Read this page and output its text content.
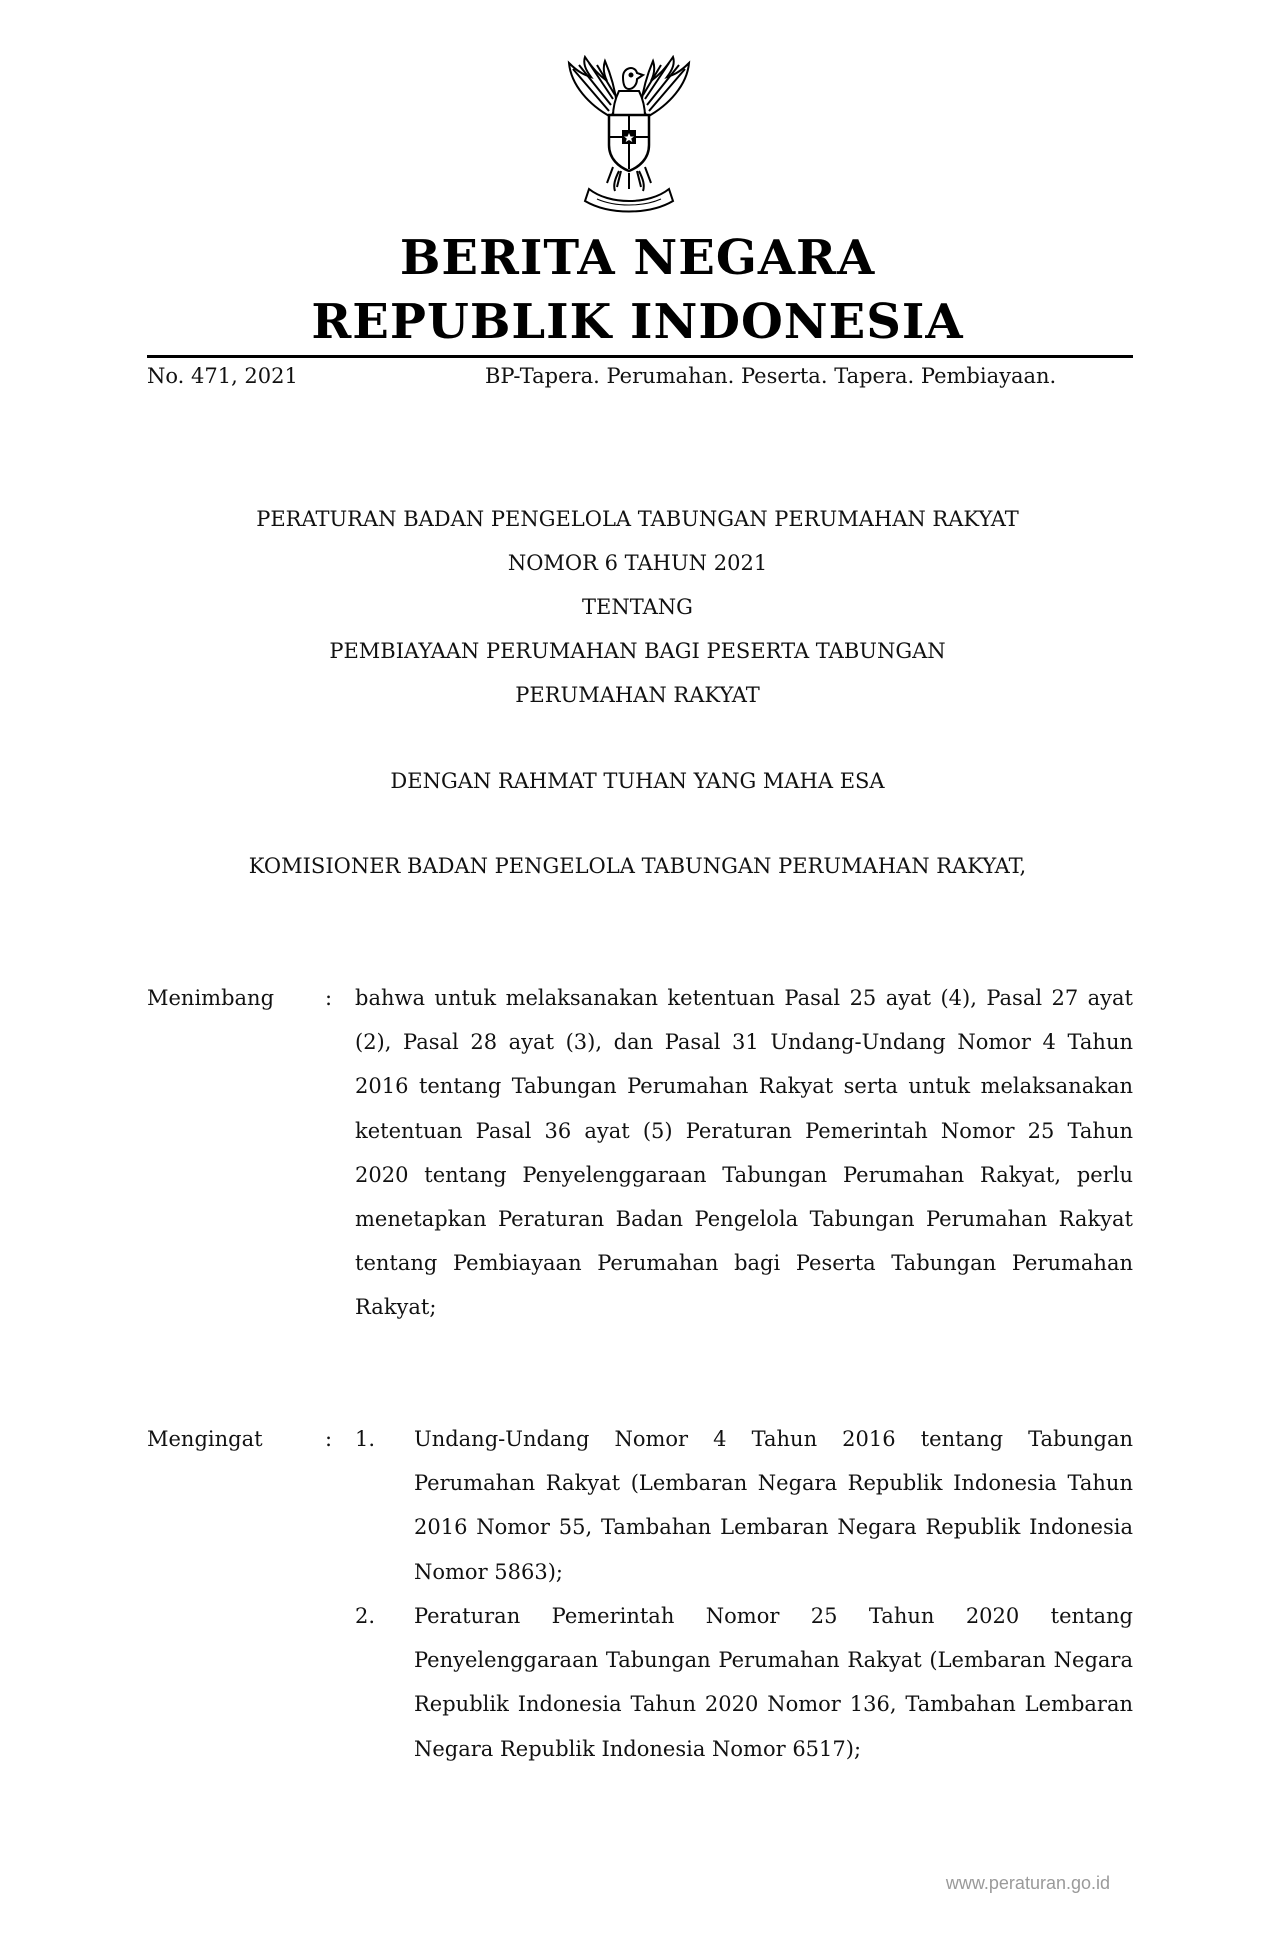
BERITA NEGARA
REPUBLIK INDONESIA
No. 471, 2021	BP-Tapera. Perumahan. Peserta. Tapera. Pembiayaan.
PERATURAN BADAN PENGELOLA TABUNGAN PERUMAHAN RAKYAT
NOMOR 6 TAHUN 2021
TENTANG
PEMBIAYAAN PERUMAHAN BAGI PESERTA TABUNGAN
PERUMAHAN RAKYAT
DENGAN RAHMAT TUHAN YANG MAHA ESA
KOMISIONER BADAN PENGELOLA TABUNGAN PERUMAHAN RAKYAT,
Menimbang : bahwa untuk melaksanakan ketentuan Pasal 25 ayat (4), Pasal 27 ayat (2), Pasal 28 ayat (3), dan Pasal 31 Undang-Undang Nomor 4 Tahun 2016 tentang Tabungan Perumahan Rakyat serta untuk melaksanakan ketentuan Pasal 36 ayat (5) Peraturan Pemerintah Nomor 25 Tahun 2020 tentang Penyelenggaraan Tabungan Perumahan Rakyat, perlu menetapkan Peraturan Badan Pengelola Tabungan Perumahan Rakyat tentang Pembiayaan Perumahan bagi Peserta Tabungan Perumahan Rakyat;

Mengingat	: 1. Undang-Undang Nomor 4 Tahun 2016 tentang Tabungan Perumahan Rakyat (Lembaran Negara Republik Indonesia Tahun 2016 Nomor 55, Tambahan Lembaran Negara Republik Indonesia Nomor 5863);

2. Peraturan Pemerintah Nomor 25 Tahun 2020 tentang Penyelenggaraan Tabungan Perumahan Rakyat (Lembaran Negara Republik Indonesia Tahun 2020 Nomor 136, Tambahan Lembaran Negara Republik Indonesia Nomor 6517);

www.peraturan.go.id
